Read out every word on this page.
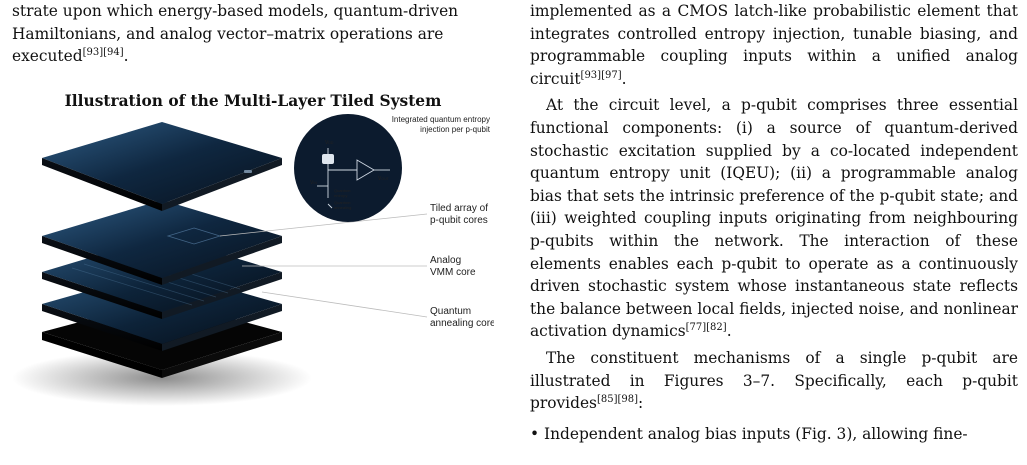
strate upon which energy-based models, quantum-driven
Hamiltonians, and analog vector–matrix operations are
executed[93][94].

Illustration of the Multi-Layer Tiled System
VDD
VOUT
VIN
Quantum
entropy
Quantum
annealing
Integrated quantum entropy
injection per p-qubit
Tiled array of
p-qubit cores
Analog
VMM core
Quantum
annealing core

implemented as a CMOS latch-like probabilistic element that integrates controlled entropy injection, tunable biasing, and programmable coupling inputs within a unified analog circuit[93][97].

At the circuit level, a p-qubit comprises three essential functional components: (i) a source of quantum-derived stochastic excitation supplied by a co-located independent quantum entropy unit (IQEU); (ii) a programmable analog bias that sets the intrinsic preference of the p-qubit state; and (iii) weighted coupling inputs originating from neighbouring p-qubits within the network. The interaction of these elements enables each p-qubit to operate as a continuously driven stochastic system whose instantaneous state reflects the balance between local fields, injected noise, and nonlinear activation dynamics[77][82].

The constituent mechanisms of a single p-qubit are illustrated in Figures 3–7. Specifically, each p-qubit provides[85][98]:

• Independent analog bias inputs (Fig. 3), allowing fine-
